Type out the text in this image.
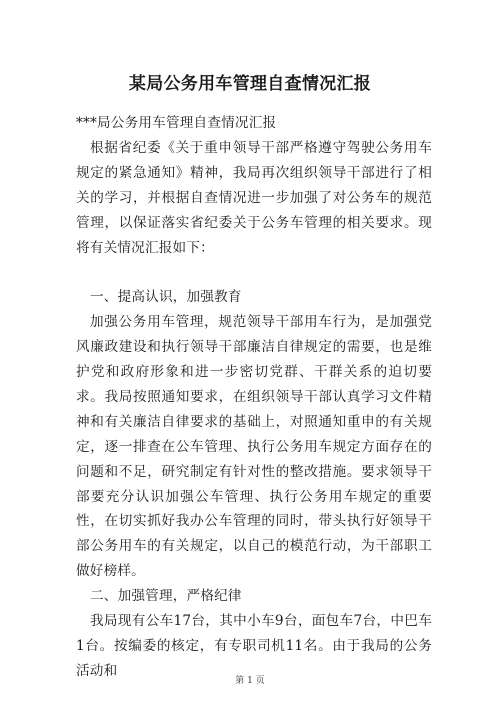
某局公务用车管理自查情况汇报

***局公务用车管理自查情况汇报

根据省纪委《关于重申领导干部严格遵守驾驶公务用车规定的紧急通知》精神，我局再次组织领导干部进行了相关的学习，并根据自查情况进一步加强了对公务车的规范管理，以保证落实省纪委关于公务车管理的相关要求。现将有关情况汇报如下：

一、提高认识，加强教育

加强公务用车管理，规范领导干部用车行为，是加强党风廉政建设和执行领导干部廉洁自律规定的需要，也是维护党和政府形象和进一步密切党群、干群关系的迫切要求。我局按照通知要求，在组织领导干部认真学习文件精神和有关廉洁自律要求的基础上，对照通知重申的有关规定，逐一排查在公车管理、执行公务用车规定方面存在的问题和不足，研究制定有针对性的整改措施。要求领导干部要充分认识加强公车管理、执行公务用车规定的重要性，在切实抓好我办公车管理的同时，带头执行好领导干部公务用车的有关规定，以自己的模范行动，为干部职工做好榜样。

二、加强管理，严格纪律

我局现有公车17台，其中小车9台，面包车7台，中巴车1台。按编委的核定，有专职司机11名。由于我局的公务活动和

第 1 页
